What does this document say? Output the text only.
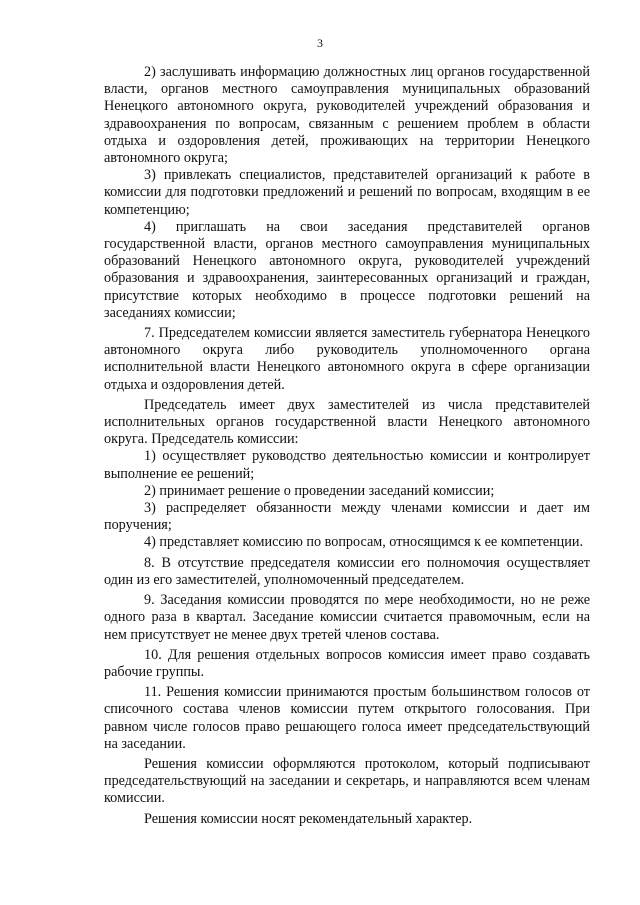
3

2) заслушивать информацию должностных лиц органов государственной власти, органов местного самоуправления муниципальных образований Ненецкого автономного округа, руководителей учреждений образования и здравоохранения по вопросам, связанным с решением проблем в области отдыха и оздоровления детей, проживающих на территории Ненецкого автономного округа;

3) привлекать специалистов, представителей организаций к работе в комиссии для подготовки предложений и решений по вопросам, входящим в ее компетенцию;

4) приглашать на свои заседания представителей органов государственной власти, органов местного самоуправления муниципальных образований Ненецкого автономного округа, руководителей учреждений образования и здравоохранения, заинтересованных организаций и граждан, присутствие которых необходимо в процессе подготовки решений на заседаниях комиссии;

7. Председателем комиссии является заместитель губернатора Ненецкого автономного округа либо руководитель уполномоченного органа исполнительной власти Ненецкого автономного округа в сфере организации отдыха и оздоровления детей.

Председатель имеет двух заместителей из числа представителей исполнительных органов государственной власти Ненецкого автономного округа. Председатель комиссии:

1) осуществляет руководство деятельностью комиссии и контролирует выполнение ее решений;

2) принимает решение о проведении заседаний комиссии;

3) распределяет обязанности между членами комиссии и дает им поручения;

4) представляет комиссию по вопросам, относящимся к ее компетенции.

8. В отсутствие председателя комиссии его полномочия осуществляет один из его заместителей, уполномоченный председателем.

9. Заседания комиссии проводятся по мере необходимости, но не реже одного раза в квартал. Заседание комиссии считается правомочным, если на нем присутствует не менее двух третей членов состава.

10. Для решения отдельных вопросов комиссия имеет право создавать рабочие группы.

11. Решения комиссии принимаются простым большинством голосов от списочного состава членов комиссии путем открытого голосования. При равном числе голосов право решающего голоса имеет председательствующий на заседании.

Решения комиссии оформляются протоколом, который подписывают председательствующий на заседании и секретарь, и направляются всем членам комиссии.

Решения комиссии носят рекомендательный характер.
